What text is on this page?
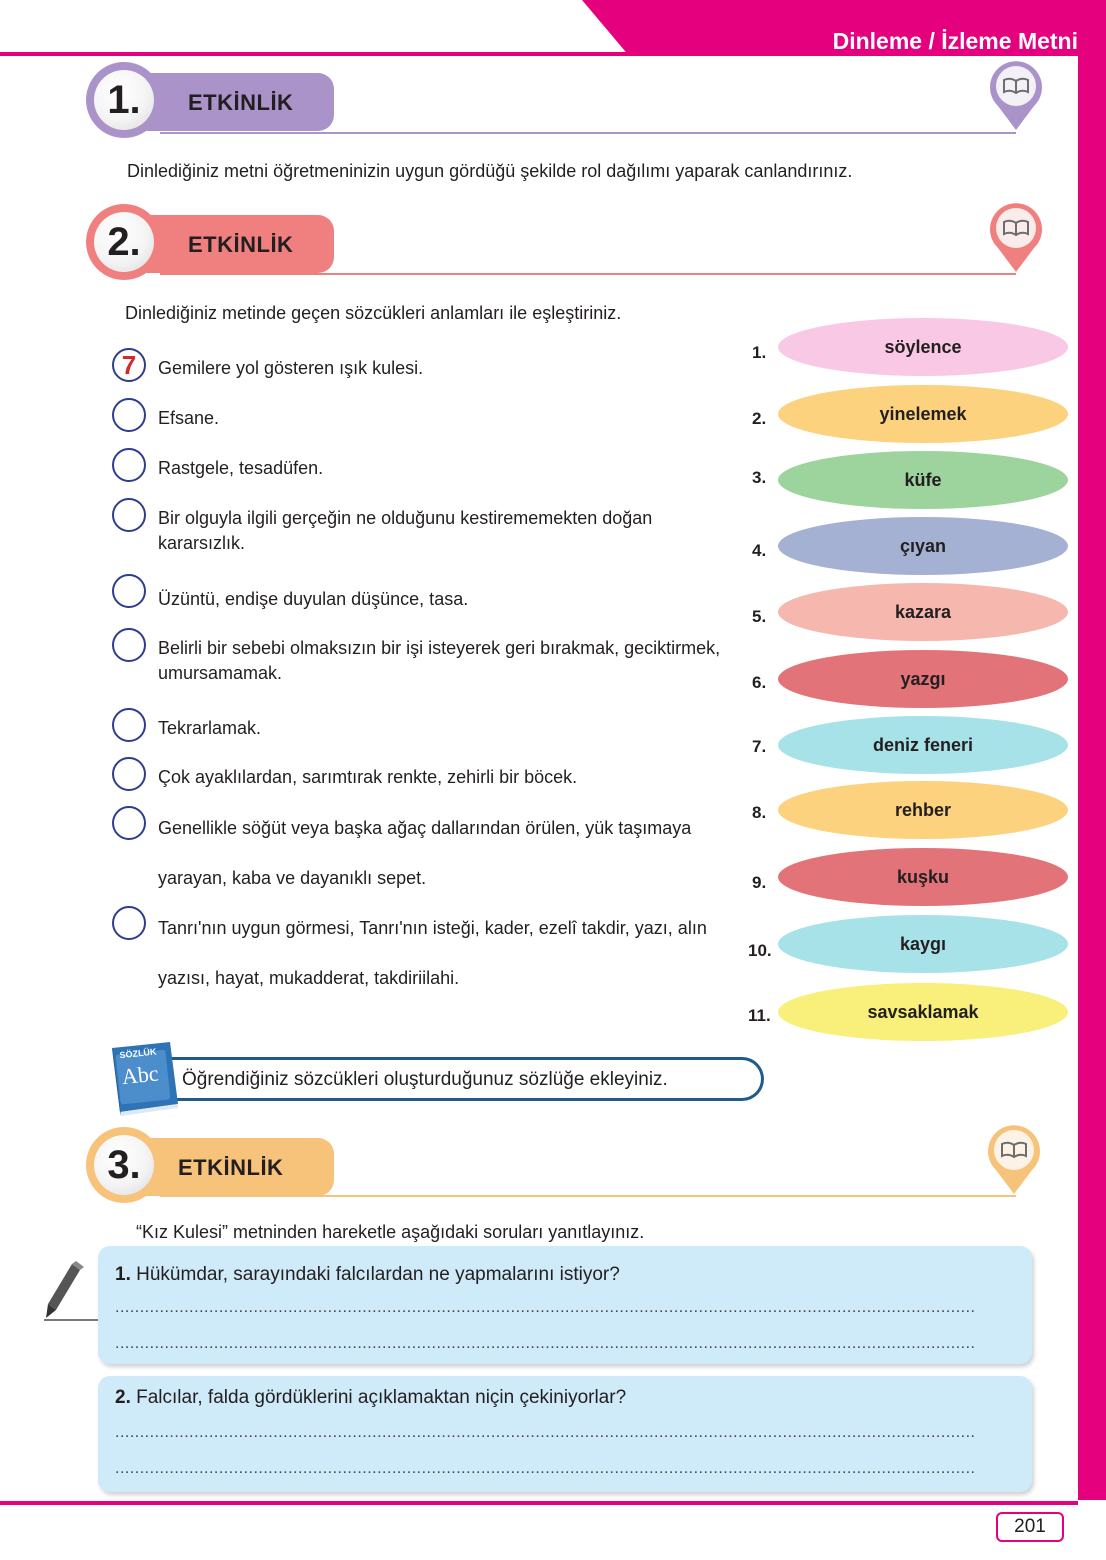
Dinleme / İzleme Metni
ETKİNLİK
1.
Dinlediğiniz metni öğretmeninizin uygun gördüğü şekilde rol dağılımı yaparak canlandırınız.
ETKİNLİK
2.
Dinlediğiniz metinde geçen sözcükleri anlamları ile eşleştiriniz.
7 Gemilere yol gösteren ışık kulesi.
Efsane.
Rastgele, tesadüfen.
Bir olguyla ilgili gerçeğin ne olduğunu kestirememekten doğan kararsızlık.
Üzüntü, endişe duyulan düşünce, tasa.
Belirli bir sebebi olmaksızın bir işi isteyerek geri bırakmak, geciktirmek, umursamamak.
Tekrarlamak.
Çok ayaklılardan, sarımtırak renkte, zehirli bir böcek.
Genellikle söğüt veya başka ağaç dallarından örülen, yük taşımaya yarayan, kaba ve dayanıklı sepet.
Tanrı'nın uygun görmesi, Tanrı'nın isteği, kader, ezelî takdir, yazı, alın yazısı, hayat, mukadderat, takdiriilahi.
1.	söylence
2.	yinelemek
3.	küfe
4.	çıyan
5.	kazara
6.	yazgı
7.	deniz feneri
8.	rehber
9.	kuşku
10.	kaygı
11.	savsaklamak
SÖZLÜK
Abc Öğrendiğiniz sözcükleri oluşturduğunuz sözlüğe ekleyiniz.
ETKİNLİK
3.
“Kız Kulesi” metninden hareketle aşağıdaki soruları yanıtlayınız.
1. Hükümdar, sarayındaki falcılardan ne yapmalarını istiyor?
..............................................................................................................................................................................
..............................................................................................................................................................................
2. Falcılar, falda gördüklerini açıklamaktan niçin çekiniyorlar?
..............................................................................................................................................................................
..............................................................................................................................................................................
201
